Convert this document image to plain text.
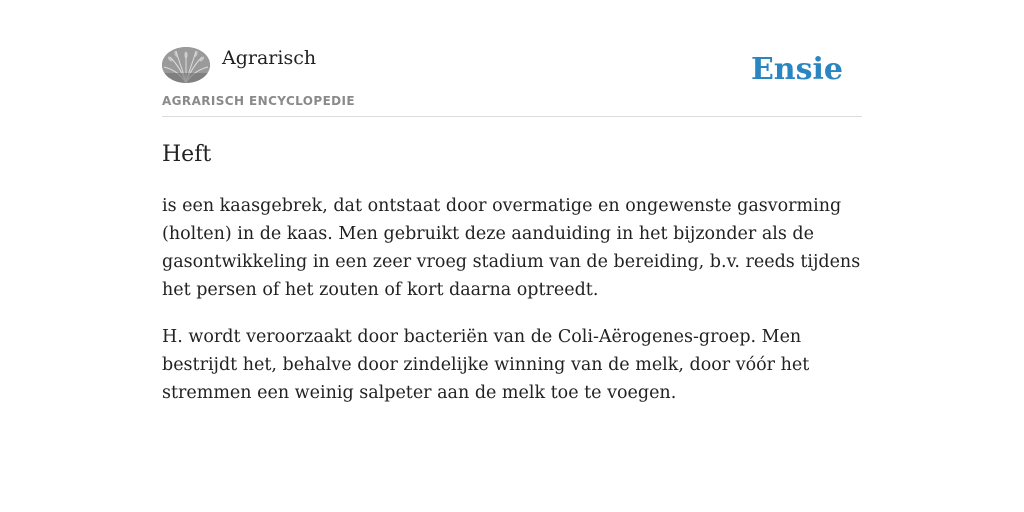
Agrarisch
AGRARISCH ENCYCLOPEDIE
Ensie
Heft

is een kaasgebrek, dat ontstaat door overmatige en ongewenste gasvorming (holten) in de kaas. Men gebruikt deze aanduiding in het bijzonder als de gasontwikkeling in een zeer vroeg stadium van de bereiding, b.v. reeds tijdens het persen of het zouten of kort daarna optreedt.

H. wordt veroorzaakt door bacteriën van de Coli-Aërogenes-groep. Men bestrijdt het, behalve door zindelijke winning van de melk, door vóór het stremmen een weinig salpeter aan de melk toe te voegen.
